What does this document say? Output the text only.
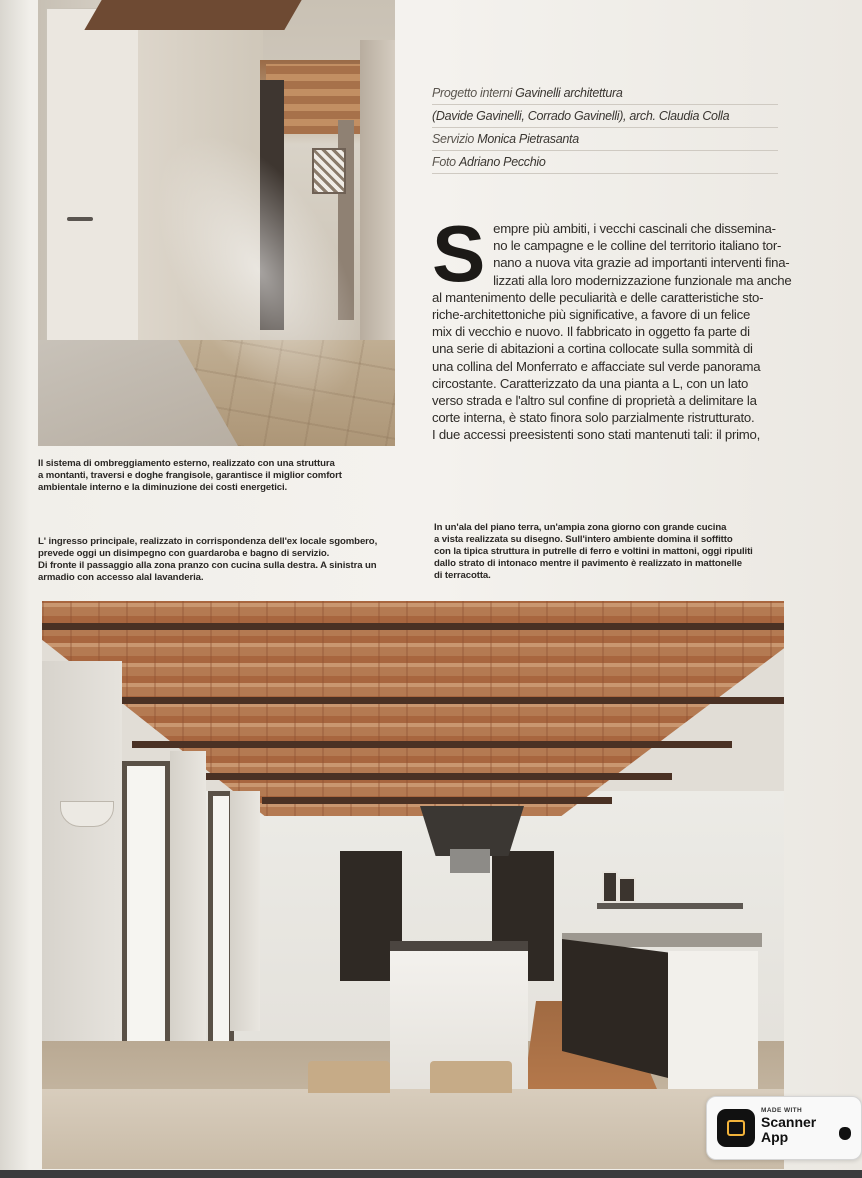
Progetto interni Gavinelli architettura
(Davide Gavinelli, Corrado Gavinelli), arch. Claudia Colla
Servizio Monica Pietrasanta
Foto Adriano Pecchio
S empre più ambiti, i vecchi cascinali che dissemina-
no le campagne e le colline del territorio italiano tor-
nano a nuova vita grazie ad importanti interventi fina-
lizzati alla loro modernizzazione funzionale ma anche
al mantenimento delle peculiarità e delle caratteristiche sto-
riche-architettoniche più significative, a favore di un felice
mix di vecchio e nuovo. Il fabbricato in oggetto fa parte di
una serie di abitazioni a cortina collocate sulla sommità di
una collina del Monferrato e affacciate sul verde panorama
circostante. Caratterizzato da una pianta a L, con un lato
verso strada e l'altro sul confine di proprietà a delimitare la
corte interna, è stato finora solo parzialmente ristrutturato.
I due accessi preesistenti sono stati mantenuti tali: il primo,
Il sistema di ombreggiamento esterno, realizzato con una struttura
a montanti, traversi e doghe frangisole, garantisce il miglior comfort
ambientale interno e la diminuzione dei costi energetici.
L' ingresso principale, realizzato in corrispondenza dell'ex locale sgombero,
prevede oggi un disimpegno con guardaroba e bagno di servizio.
Di fronte il passaggio alla zona pranzo con cucina sulla destra. A sinistra un
armadio con accesso alal lavanderia.
In un'ala del piano terra, un'ampia zona giorno con grande cucina
a vista realizzata su disegno. Sull'intero ambiente domina il soffitto
con la tipica struttura in putrelle di ferro e voltini in mattoni, oggi ripuliti
dallo strato di intonaco mentre il pavimento è realizzato in mattonelle
di terracotta.
MADE WITH
Scanner App
